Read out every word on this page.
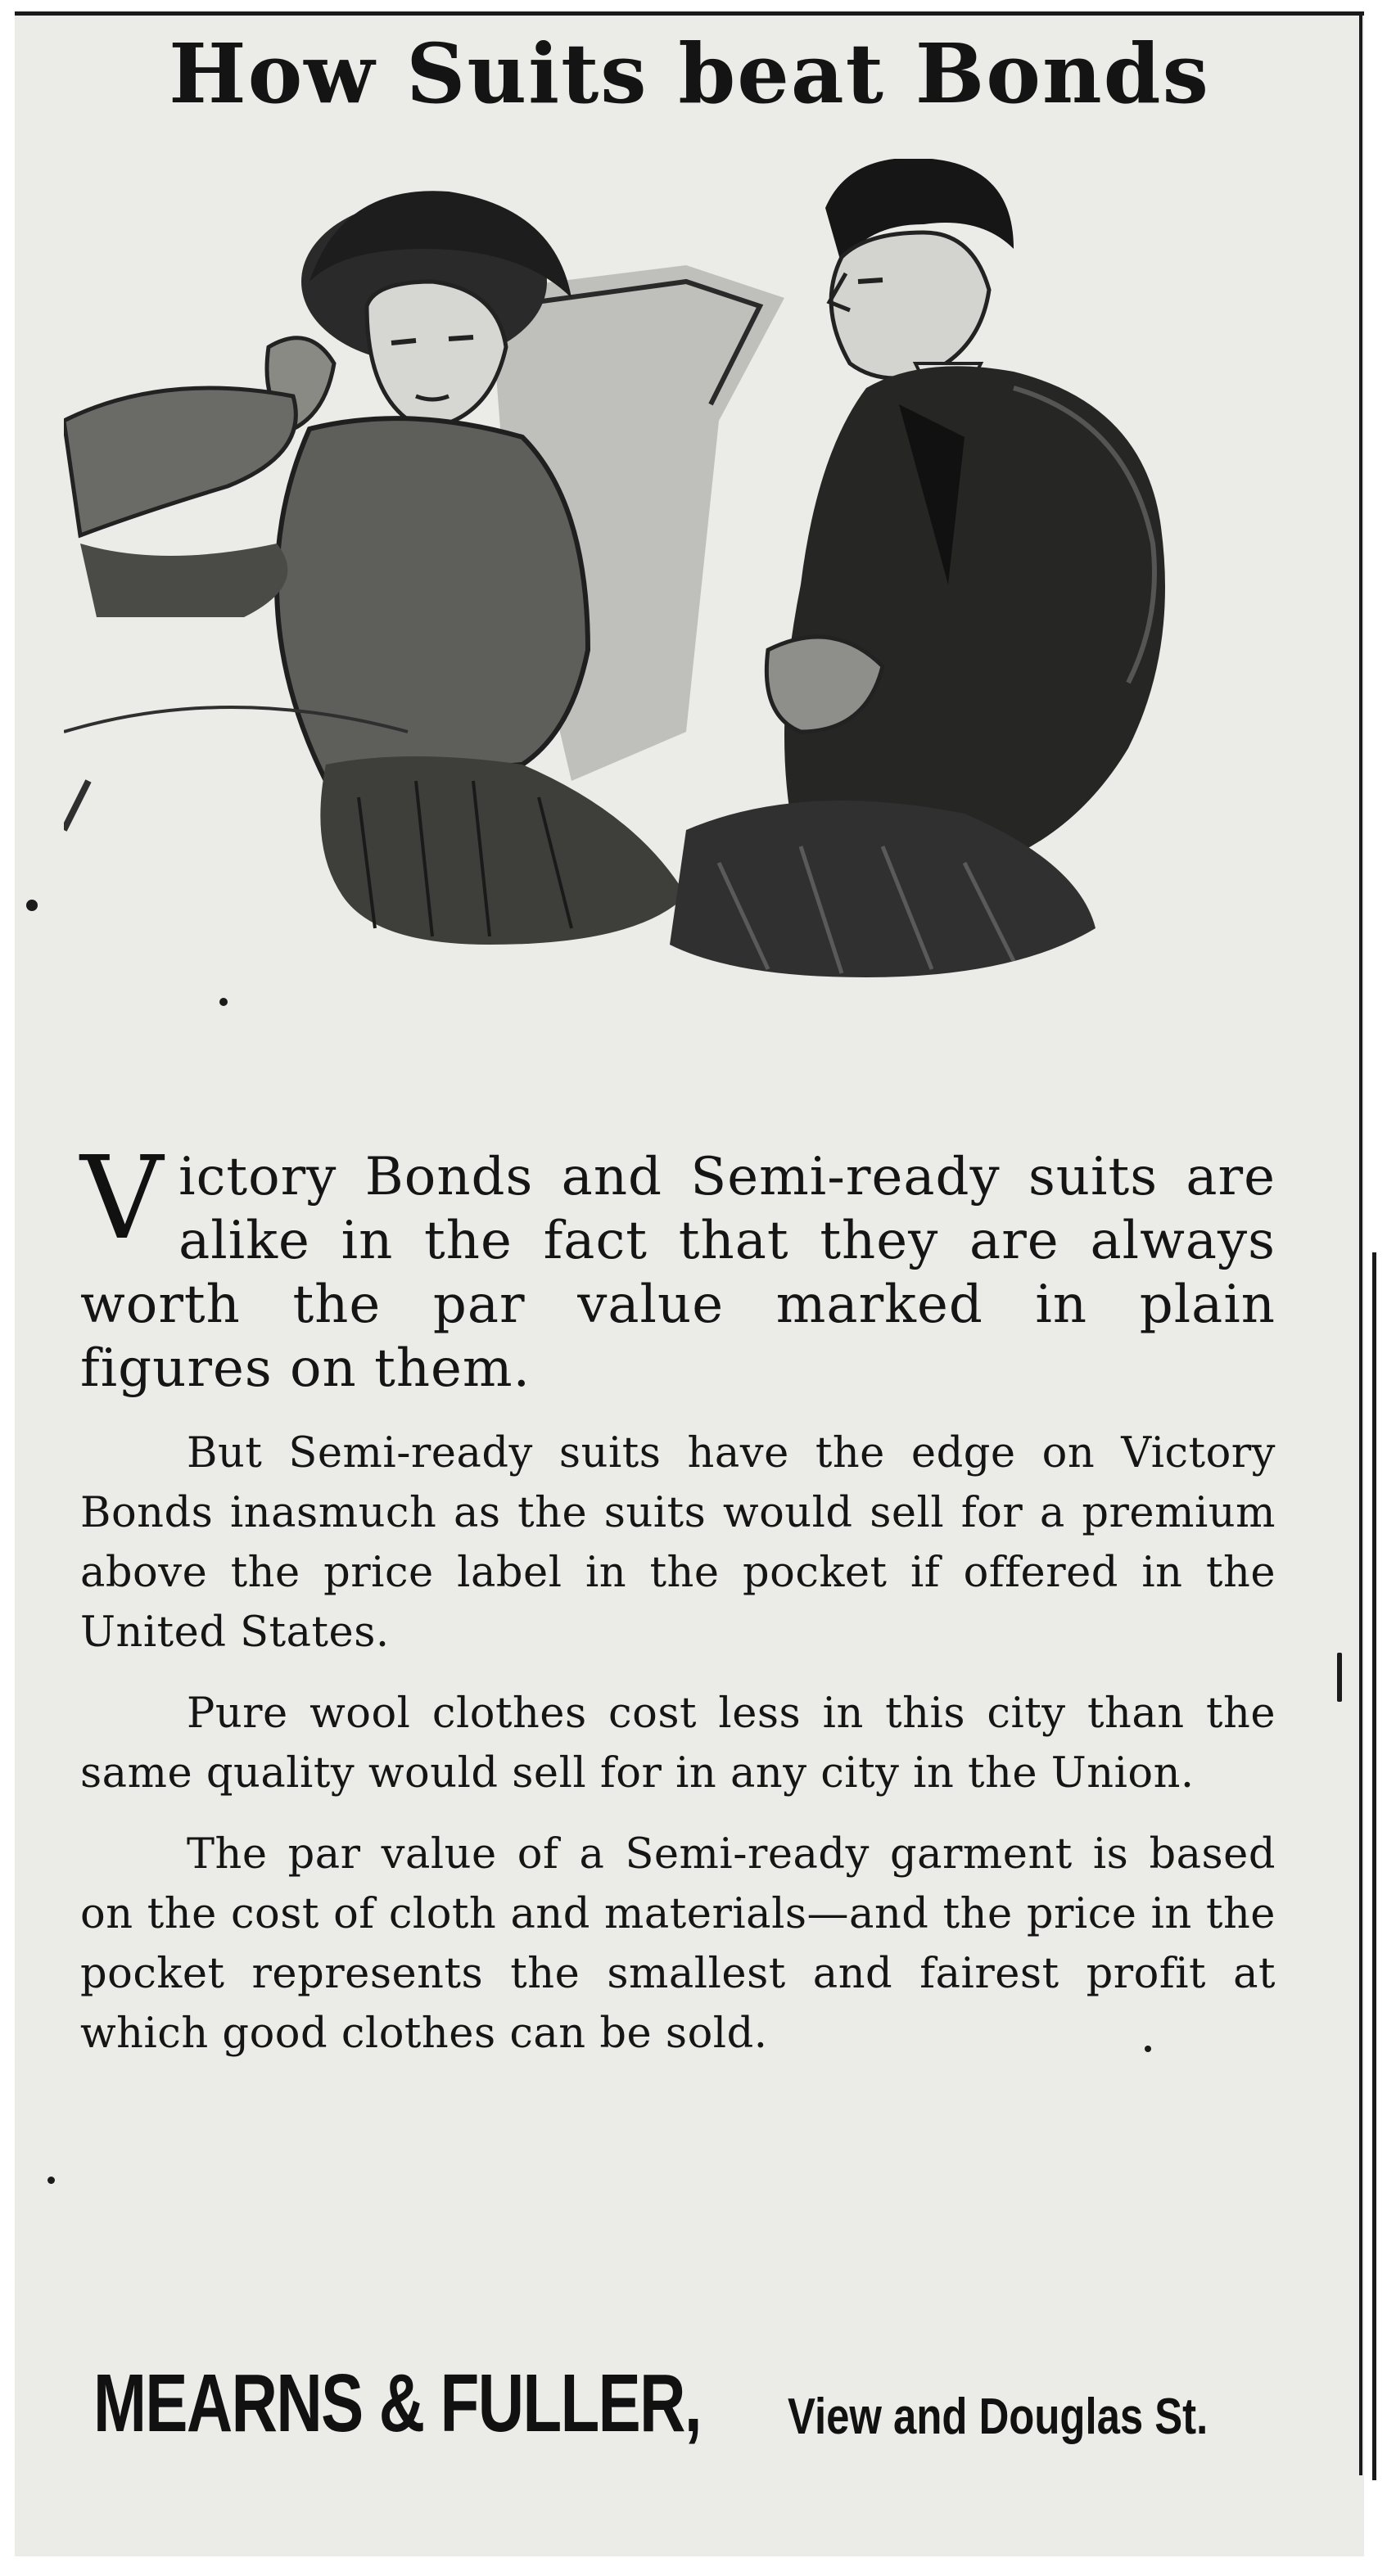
How Suits beat Bonds

Victory Bonds and Semi-ready suits are alike in the fact that they are always worth the par value marked in plain figures on them.

But Semi-ready suits have the edge on Victory Bonds inasmuch as the suits would sell for a premium above the price label in the pocket if offered in the United States.

Pure wool clothes cost less in this city than the same quality would sell for in any city in the Union.

The par value of a Semi-ready garment is based on the cost of cloth and materials—and the price in the pocket represents the smallest and fairest profit at which good clothes can be sold.

MEARNS & FULLER, View and Douglas St.
